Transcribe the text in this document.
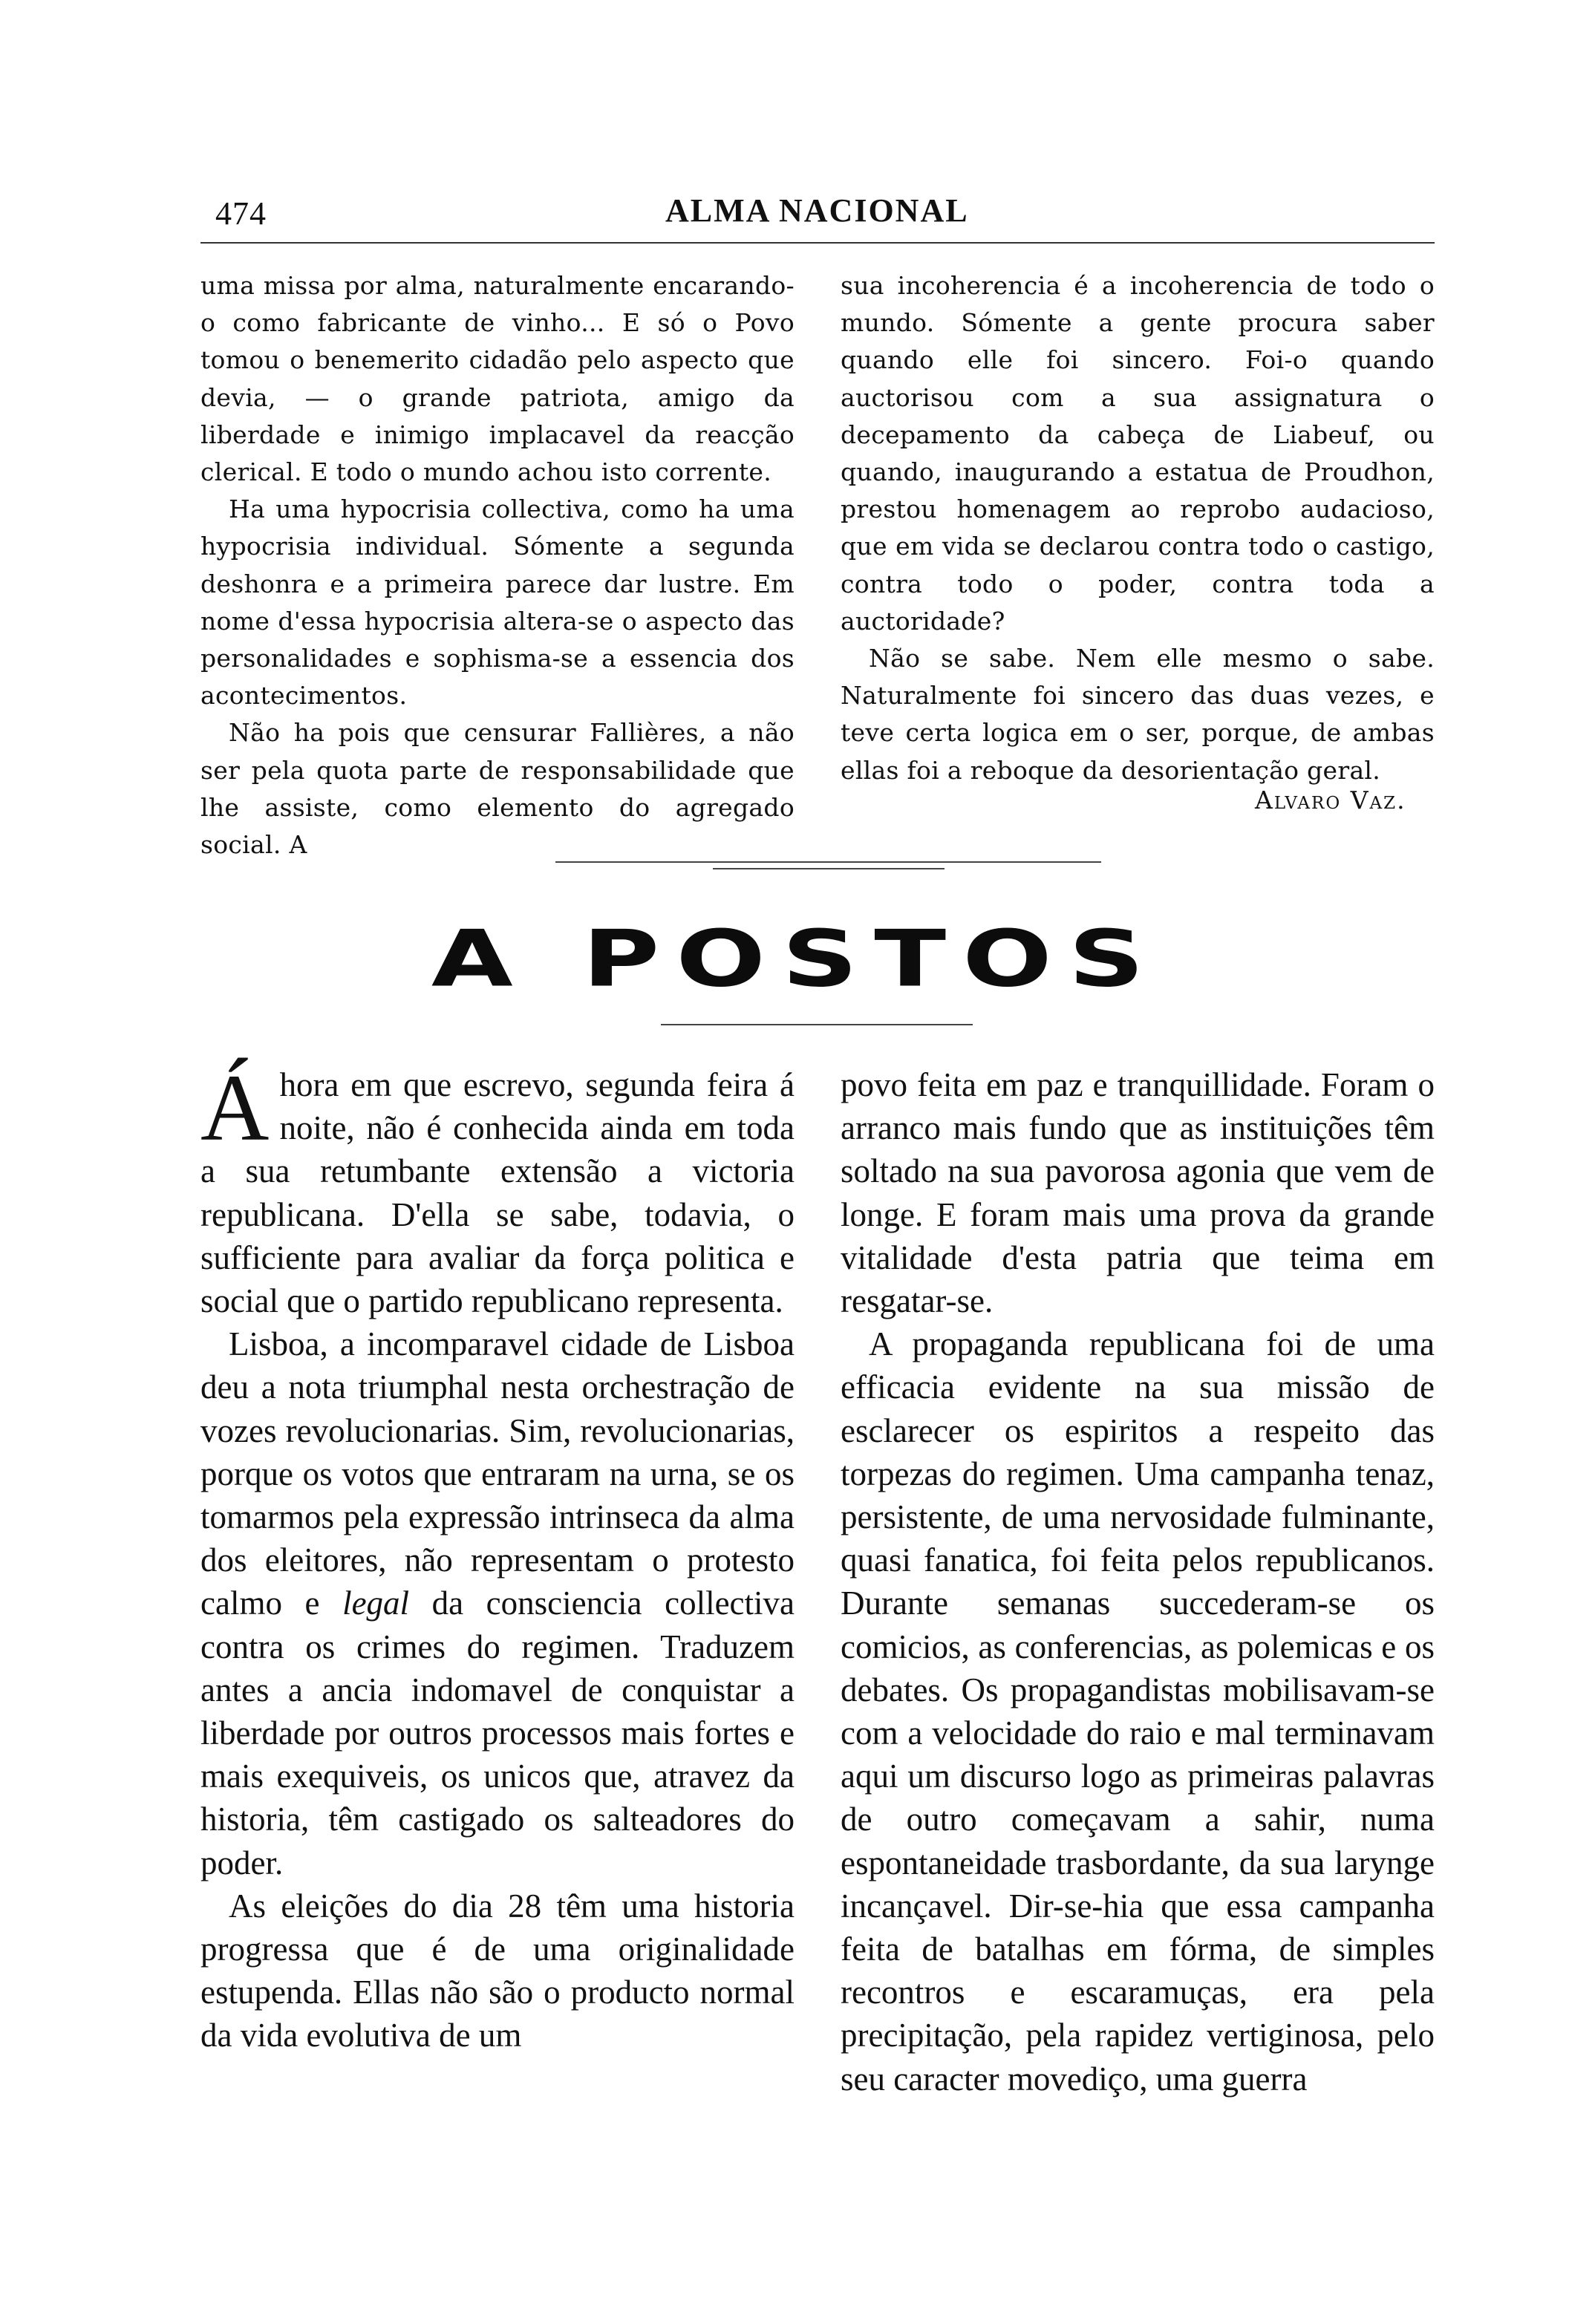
474	ALMA NACIONAL

uma missa por alma, naturalmente encarando-o como fabricante de vinho... E só o Povo tomou o benemerito cidadão pelo aspecto que devia, — o grande patriota, amigo da liberdade e inimigo implacavel da reacção clerical. E todo o mundo achou isto corrente.

Ha uma hypocrisia collectiva, como ha uma hypocrisia individual. Sómente a segunda deshonra e a primeira parece dar lustre. Em nome d'essa hypocrisia altera-se o aspecto das personalidades e sophisma-se a essencia dos acontecimentos.

Não ha pois que censurar Fallières, a não ser pela quota parte de responsabilidade que lhe assiste, como elemento do agregado social. A

sua incoherencia é a incoherencia de todo o mundo. Sómente a gente procura saber quando elle foi sincero. Foi-o quando auctorisou com a sua assignatura o decepamento da cabeça de Liabeuf, ou quando, inaugurando a estatua de Proudhon, prestou homenagem ao reprobo audacioso, que em vida se declarou contra todo o castigo, contra todo o poder, contra toda a auctoridade?

Não se sabe. Nem elle mesmo o sabe. Naturalmente foi sincero das duas vezes, e teve certa logica em o ser, porque, de ambas ellas foi a reboque da desorientação geral.

Alvaro Vaz.
A POSTOS

Áhora em que escrevo, segunda feira á noite, não é conhecida ainda em toda a sua retumbante extensão a victoria republicana. D'ella se sabe, todavia, o sufficiente para avaliar da força politica e social que o partido republicano representa.

Lisboa, a incomparavel cidade de Lisboa deu a nota triumphal nesta orchestração de vozes revolucionarias. Sim, revolucionarias, porque os votos que entraram na urna, se os tomarmos pela expressão intrinseca da alma dos eleitores, não representam o protesto calmo e legal da consciencia collectiva contra os crimes do regimen. Traduzem antes a ancia indomavel de conquistar a liberdade por outros processos mais fortes e mais exequiveis, os unicos que, atravez da historia, têm castigado os salteadores do poder.

As eleições do dia 28 têm uma historia progressa que é de uma originalidade estupenda. Ellas não são o producto normal da vida evolutiva de um

povo feita em paz e tranquillidade. Foram o arranco mais fundo que as instituições têm soltado na sua pavorosa agonia que vem de longe. E foram mais uma prova da grande vitalidade d'esta patria que teima em resgatar-se.

A propaganda republicana foi de uma efficacia evidente na sua missão de esclarecer os espiritos a respeito das torpezas do regimen. Uma campanha tenaz, persistente, de uma nervosidade fulminante, quasi fanatica, foi feita pelos republicanos. Durante semanas succederam-se os comicios, as conferencias, as polemicas e os debates. Os propagandistas mobilisavam-se com a velocidade do raio e mal terminavam aqui um discurso logo as primeiras palavras de outro começavam a sahir, numa espontaneidade trasbordante, da sua larynge incançavel. Dir-se-hia que essa campanha feita de batalhas em fórma, de simples recontros e escaramuças, era pela precipitação, pela rapidez vertiginosa, pelo seu caracter movediço, uma guerra
